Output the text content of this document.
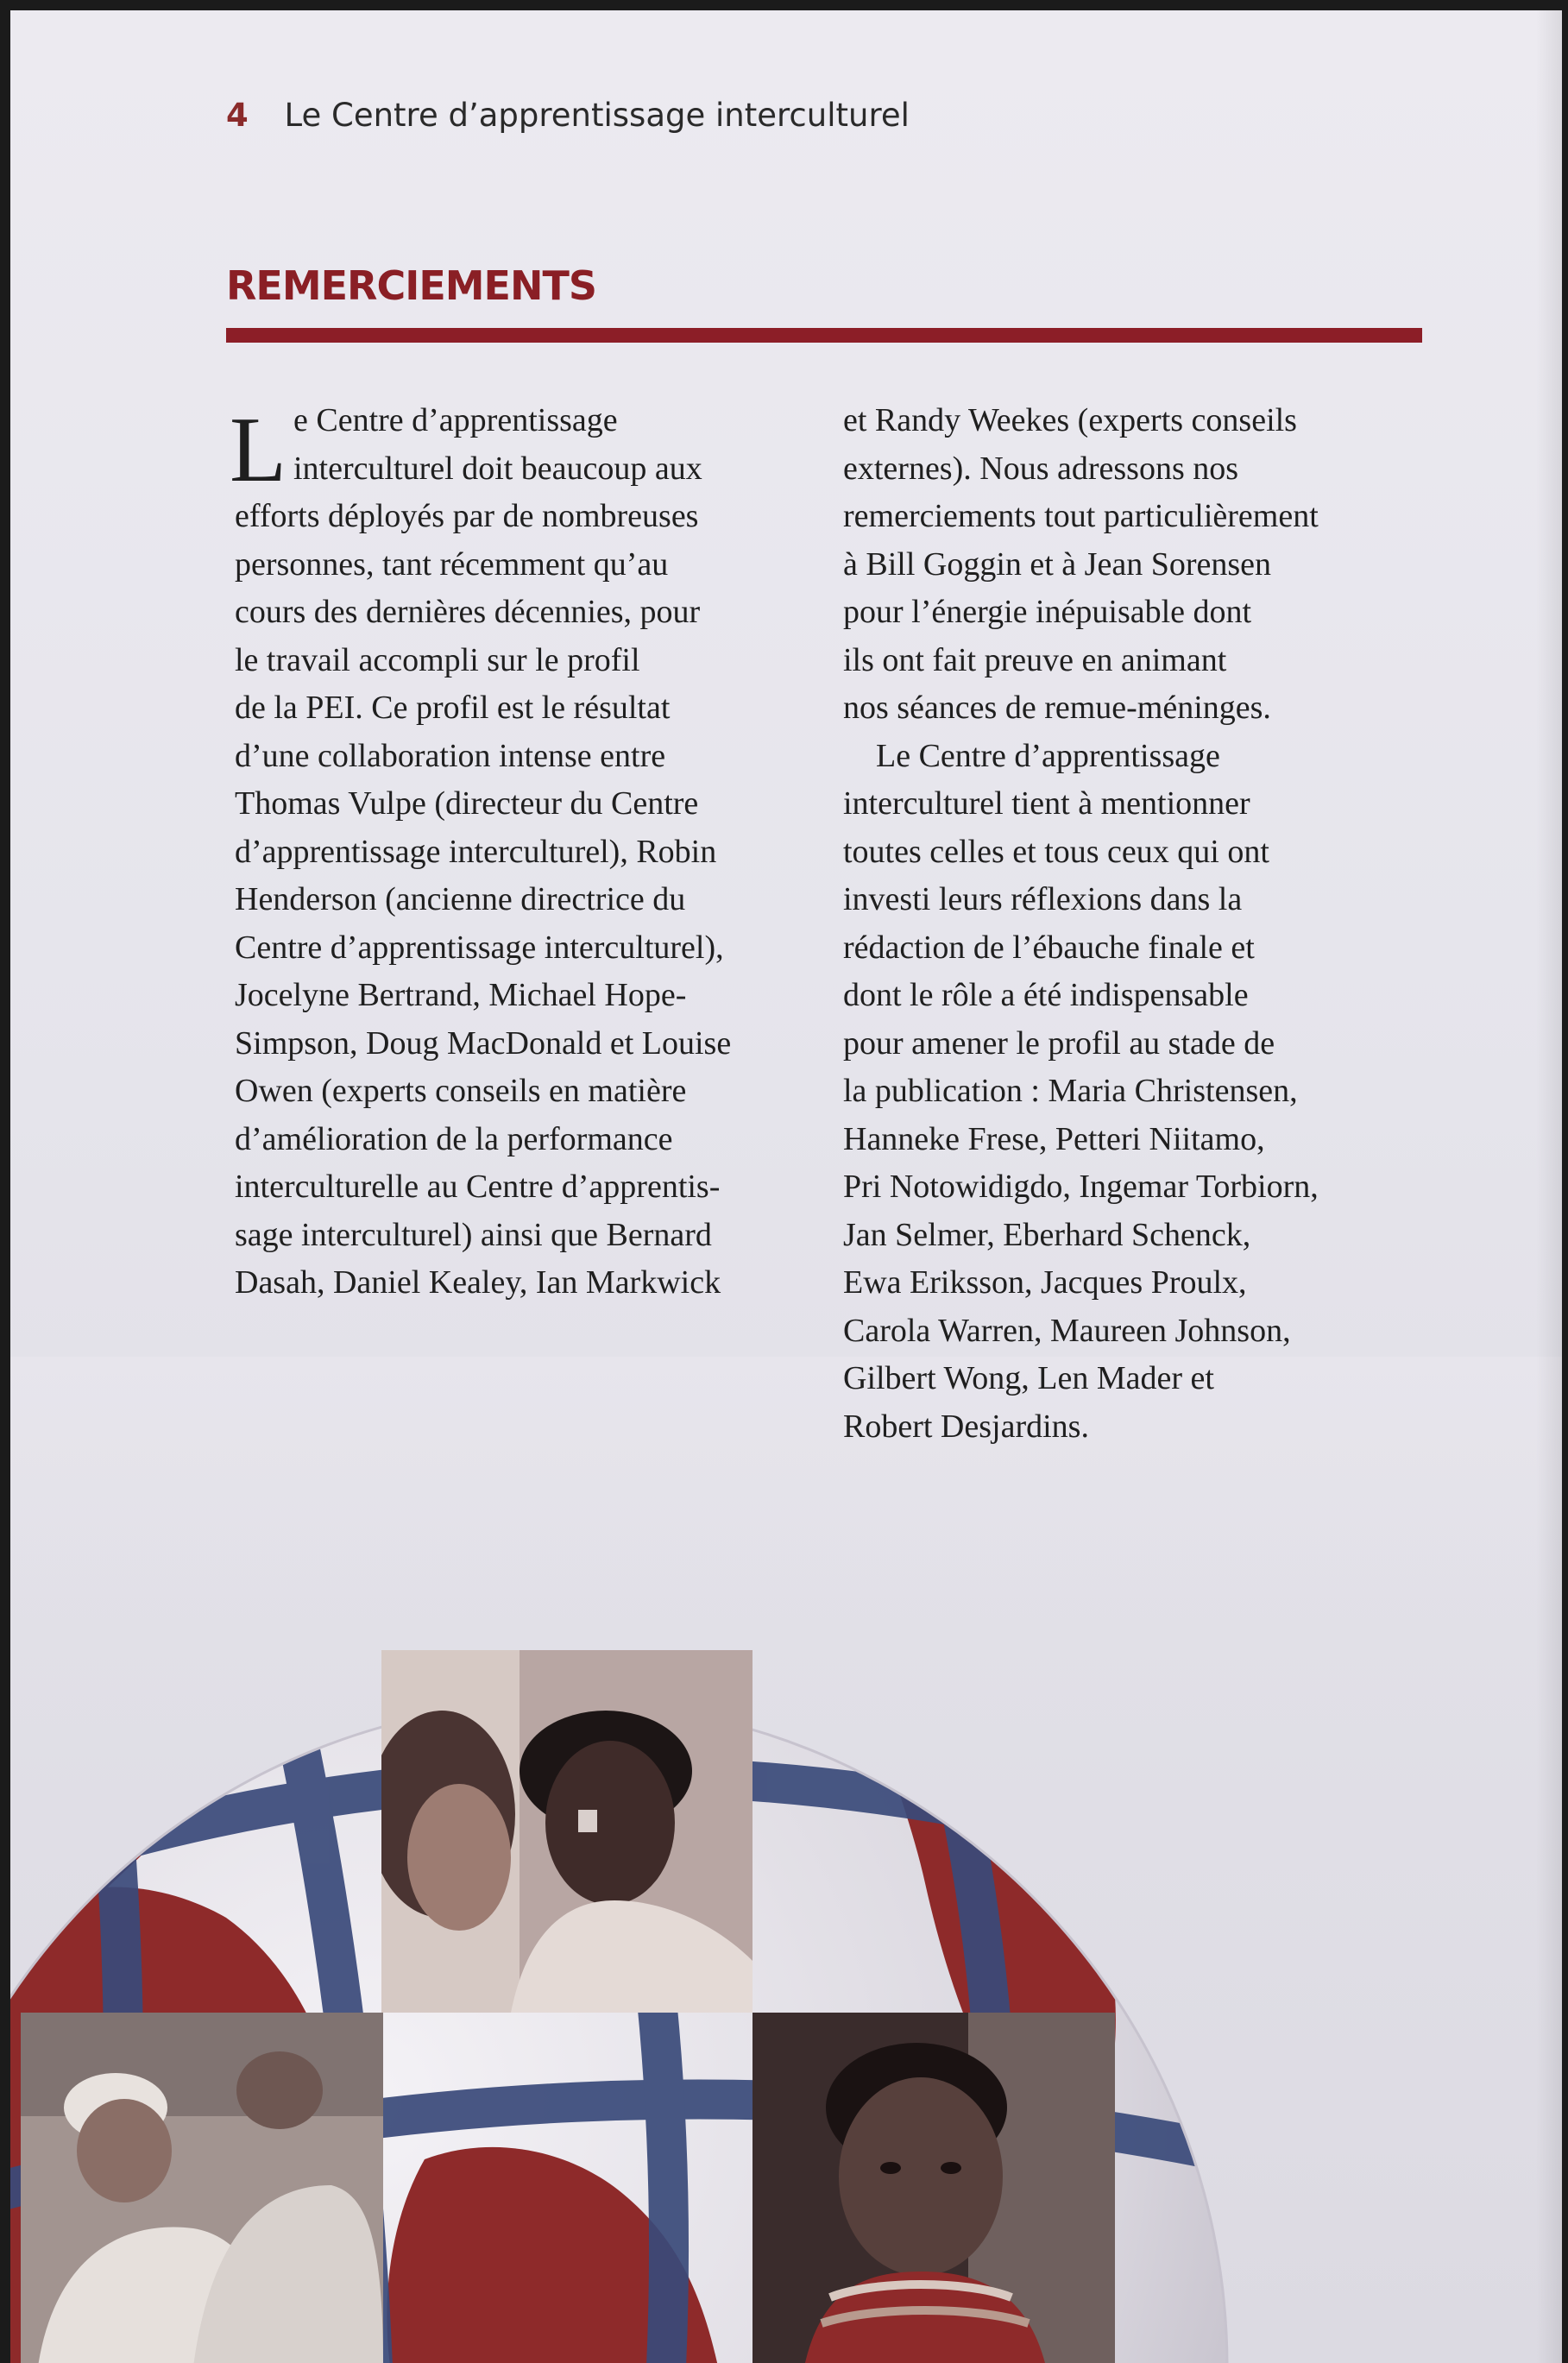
4 Le Centre d’apprentissage interculturel
REMERCIEMENTS
L e Centre d’apprentissage

interculturel doit beaucoup aux

efforts déployés par de nombreuses

personnes, tant récemment qu’au

cours des dernières décennies, pour

le travail accompli sur le profil

de la PEI. Ce profil est le résultat

d’une collaboration intense entre

Thomas Vulpe (directeur du Centre

d’apprentissage interculturel), Robin

Henderson (ancienne directrice du

Centre d’apprentissage interculturel),

Jocelyne Bertrand, Michael Hope-

Simpson, Doug MacDonald et Louise

Owen (experts conseils en matière

d’amélioration de la performance

interculturelle au Centre d’apprentis-

sage interculturel) ainsi que Bernard

Dasah, Daniel Kealey, Ian Markwick

et Randy Weekes (experts conseils

externes). Nous adressons nos

remerciements tout particulièrement

à Bill Goggin et à Jean Sorensen

pour l’énergie inépuisable dont

ils ont fait preuve en animant

nos séances de remue-méninges.

Le Centre d’apprentissage

interculturel tient à mentionner

toutes celles et tous ceux qui ont

investi leurs réflexions dans la

rédaction de l’ébauche finale et

dont le rôle a été indispensable

pour amener le profil au stade de

la publication : Maria Christensen,

Hanneke Frese, Petteri Niitamo,

Pri Notowidigdo, Ingemar Torbiorn,

Jan Selmer, Eberhard Schenck,

Ewa Eriksson, Jacques Proulx,

Carola Warren, Maureen Johnson,

Gilbert Wong, Len Mader et

Robert Desjardins.
